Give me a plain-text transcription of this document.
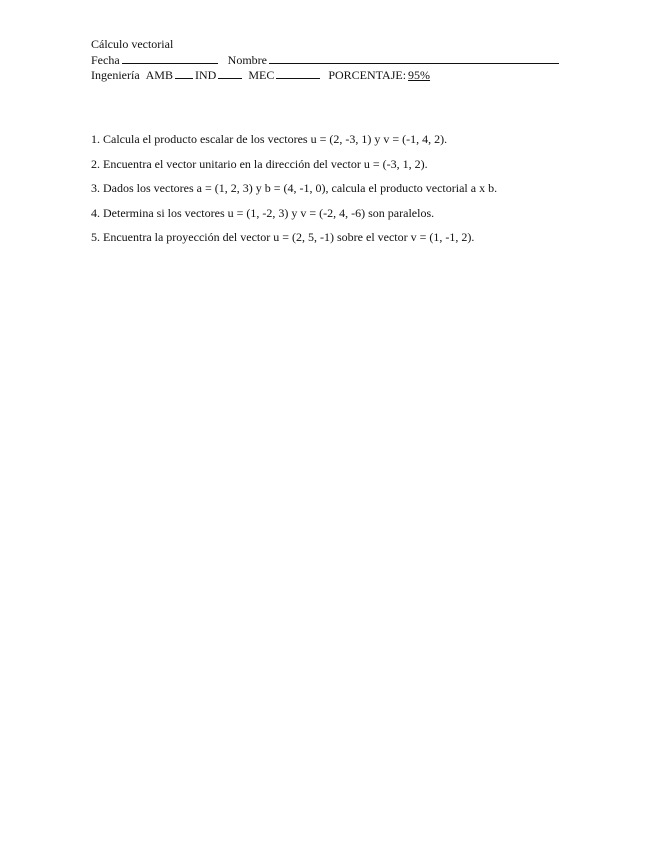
Cálculo vectorial
Fecha	Nombre
Ingeniería AMB IND	MEC	PORCENTAJE: 95%
1. Calcula el producto escalar de los vectores u = (2, -3, 1) y v = (-1, 4, 2).
2. Encuentra el vector unitario en la dirección del vector u = (-3, 1, 2).
3. Dados los vectores a = (1, 2, 3) y b = (4, -1, 0), calcula el producto vectorial a x b.
4. Determina si los vectores u = (1, -2, 3) y v = (-2, 4, -6) son paralelos.
5. Encuentra la proyección del vector u = (2, 5, -1) sobre el vector v = (1, -1, 2).
